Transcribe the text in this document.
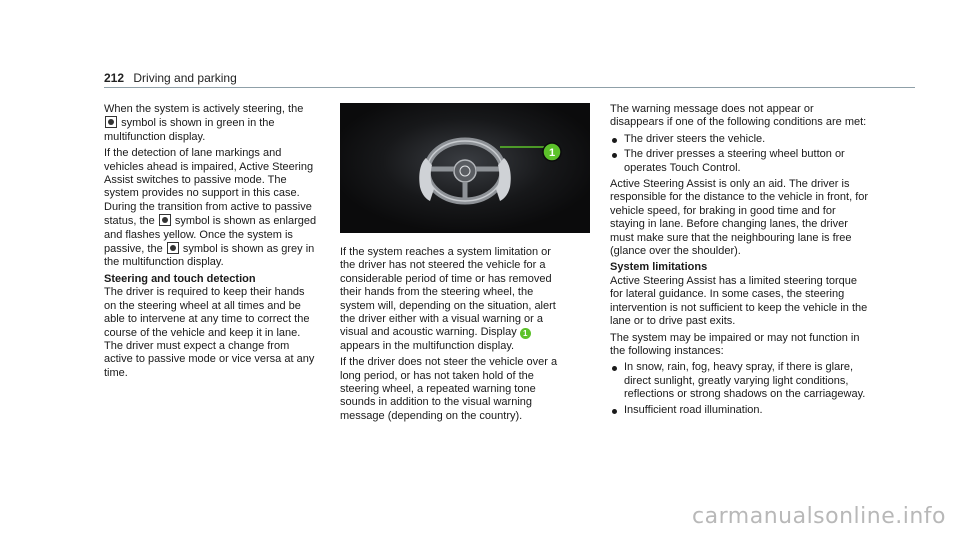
212 Driving and parking

When the system is actively steering, the  symbol is shown in green in the multifunction display.

If the detection of lane markings and vehicles ahead is impaired, Active Steering Assist switches to passive mode. The system provides no support in this case. During the transition from active to passive status, the symbol is shown as enlarged and flashes yellow. Once the system is passive, the symbol is shown as grey in the multifunction display.

Steering and touch detection

The driver is required to keep their hands on the steering wheel at all times and be able to intervene at any time to correct the course of the vehicle and keep it in lane. The driver must expect a change from active to passive mode or vice versa at any time.

1

If the system reaches a system limitation or the driver has not steered the vehicle for a considerable period of time or has removed their hands from the steering wheel, the system will, depending on the situation, alert the driver either with a visual warning or a visual and acoustic warning. Display 1 appears in the multifunction display.

If the driver does not steer the vehicle over a long period, or has not taken hold of the steering wheel, a repeated warning tone sounds in addition to the visual warning message (depending on the country).

The warning message does not appear or disappears if one of the following conditions are met:

The driver steers the vehicle.
The driver presses a steering wheel button or operates Touch Control.

Active Steering Assist is only an aid. The driver is responsible for the distance to the vehicle in front, for vehicle speed, for braking in good time and for staying in lane. Before changing lanes, the driver must make sure that the neighbouring lane is free (glance over the shoulder).

System limitations

Active Steering Assist has a limited steering torque for lateral guidance. In some cases, the steering intervention is not sufficient to keep the vehicle in the lane or to drive past exits.

The system may be impaired or may not function in the following instances:

In snow, rain, fog, heavy spray, if there is glare, direct sunlight, greatly varying light conditions, reflections or strong shadows on the carriageway.
Insufficient road illumination.
carmanualsonline.info
